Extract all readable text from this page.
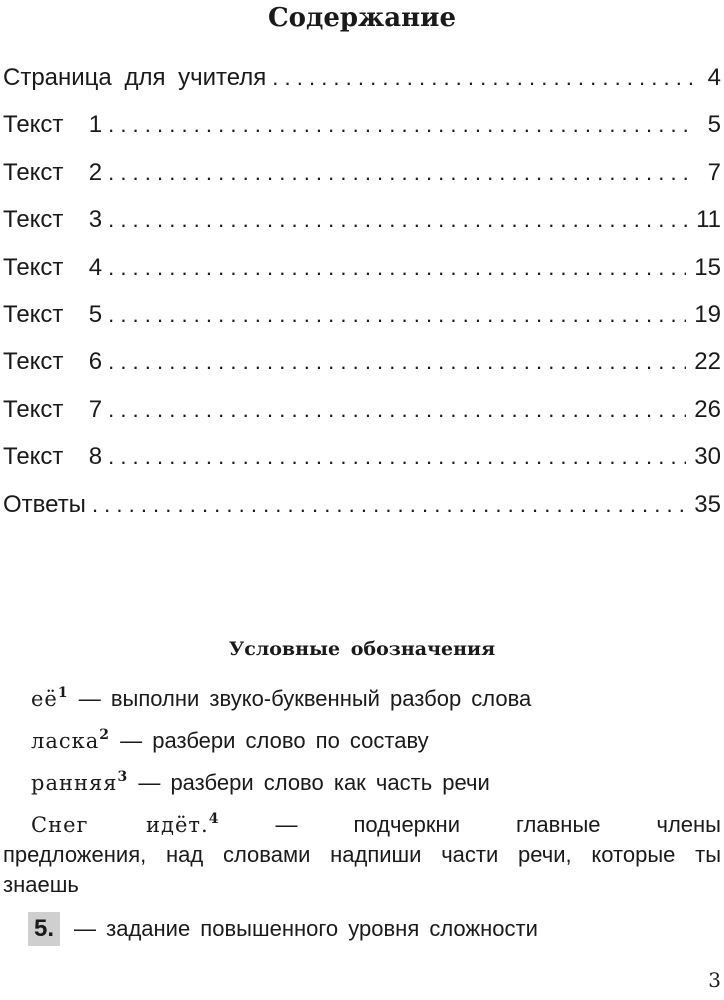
Содержание
Страница для учителя . . .	4
Текст  1 . . .	5
Текст  2 . . .	7
Текст  3 . . .	11
Текст  4 . . .	15
Текст  5 . . .	19
Текст  6 . . .	22
Текст  7 . . .	26
Текст  8 . . .	30
Ответы . . .	35
Условные обозначения
$её^1$ — выполни звуко-буквенный разбор слова
ласка$^2$ — разбери слово по составу
ранняя$^3$ — разбери слово как часть речи
Снег идёт.$^4$	— подчеркни главные члены
предложения, над словами надпиши части речи, которые ты знаешь
5. — задание повышенного уровня сложности
3
